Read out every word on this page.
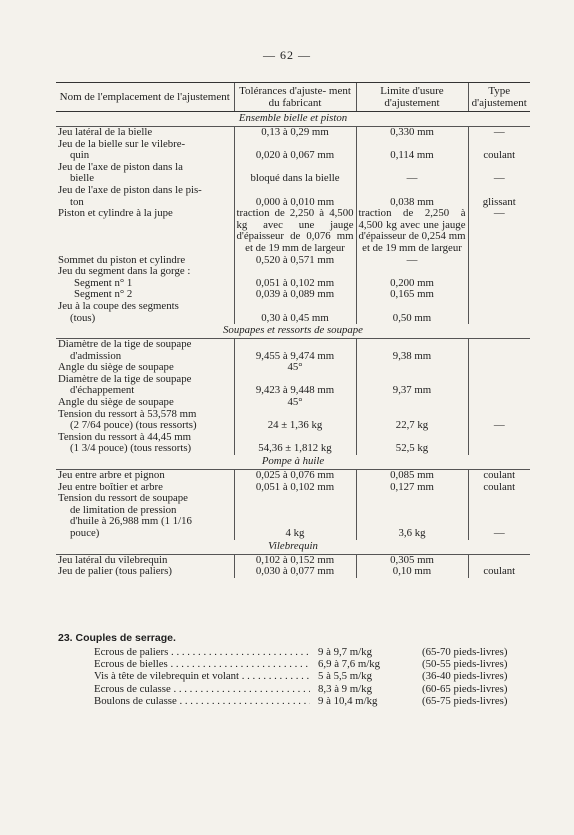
— 62 —
Nom de l'emplacement de l'ajustement	Tolérances d'ajuste- ment du fabricant	Limite d'usure d'ajustement	Type d'ajustement
Ensemble bielle et piston			

Jeu latéral de la bielle	0,13 à 0,29 mm	0,330 mm	—

Jeu de la bielle sur le vilebre-
quin	0,020 à 0,067 mm	0,114 mm	coulant

Jeu de l'axe de piston dans la
bielle	bloqué dans la bielle	—	—

Jeu de l'axe de piston dans le pis-
ton	0,000 à 0,010 mm	0,038 mm	glissant

Piston et cylindre à la jupe	traction de 2,250 à 4,500 kg avec une jauge d'épaisseur de 0,076 mm et de 19 mm de largeur	traction de 2,250 à 4,500 kg avec une jauge d'épaisseur de 0,254 mm et de 19 mm de largeur	—

Sommet du piston et cylindre	0,520 à 0,571 mm	—	

Jeu du segment dans la gorge :			

Segment n° 1	0,051 à 0,102 mm	0,200 mm	

Segment n° 2	0,039 à 0,089 mm	0,165 mm	

Jeu à la coupe des segments
(tous)	0,30 à 0,45 mm	0,50 mm	
Soupapes et ressorts de soupape			

Diamètre de la tige de soupape
d'admission	9,455 à 9,474 mm	9,38 mm	

Angle du siège de soupape	45°		

Diamètre de la tige de soupape
d'échappement	9,423 à 9,448 mm	9,37 mm	

Angle du siège de soupape	45°		

Tension du ressort à 53,578 mm
(2 7/64 pouce) (tous ressorts)	24 ± 1,36 kg	22,7 kg	—

Tension du ressort à 44,45 mm
(1 3/4 pouce) (tous ressorts)	54,36 ± 1,812 kg	52,5 kg	
Pompe à huile			

Jeu entre arbre et pignon	0,025 à 0,076 mm	0,085 mm	coulant

Jeu entre boîtier et arbre	0,051 à 0,102 mm	0,127 mm	coulant

Tension du ressort de soupape
de limitation de pression
d'huile à 26,988 mm (1 1/16
pouce)	4 kg	3,6 kg	—
Vilebrequin			

Jeu latéral du vilebrequin	0,102 à 0,152 mm	0,305 mm	

Jeu de palier (tous paliers)	0,030 à 0,077 mm	0,10 mm	coulant
23. Couples de serrage.
Ecrous de paliers . . .	9 à 9,7 m/kg	(65-70 pieds-livres)
Ecrous de bielles . . .	6,9 à 7,6 m/kg	(50-55 pieds-livres)
Vis à tête de vilebrequin et volant . . .	5 à 5,5 m/kg	(36-40 pieds-livres)
Ecrous de culasse . . .	8,3 à 9 m/kg	(60-65 pieds-livres)
Boulons de culasse . . .	9 à 10,4 m/kg	(65-75 pieds-livres)
